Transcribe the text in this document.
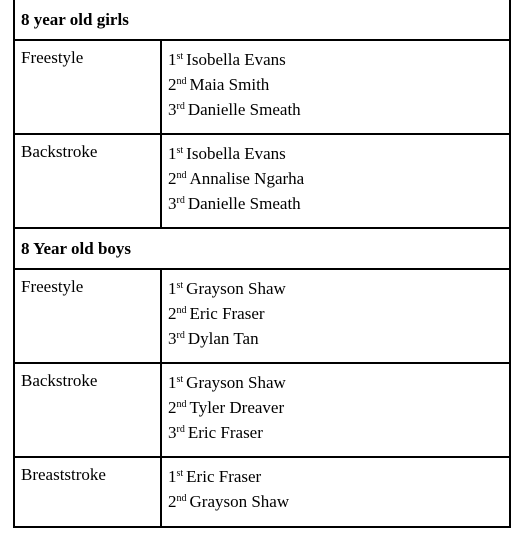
8 year old girls	
Freestyle	1st Isobella Evans
2nd Maia Smith
3rd Danielle Smeath

Backstroke	1st Isobella Evans
2nd Annalise Ngarha
3rd Danielle Smeath

8 Year old boys	
Freestyle	1st Grayson Shaw
2nd Eric Fraser
3rd Dylan Tan

Backstroke	1st Grayson Shaw
2nd Tyler Dreaver
3rd Eric Fraser

Breaststroke	1st Eric Fraser
2nd Grayson Shaw
